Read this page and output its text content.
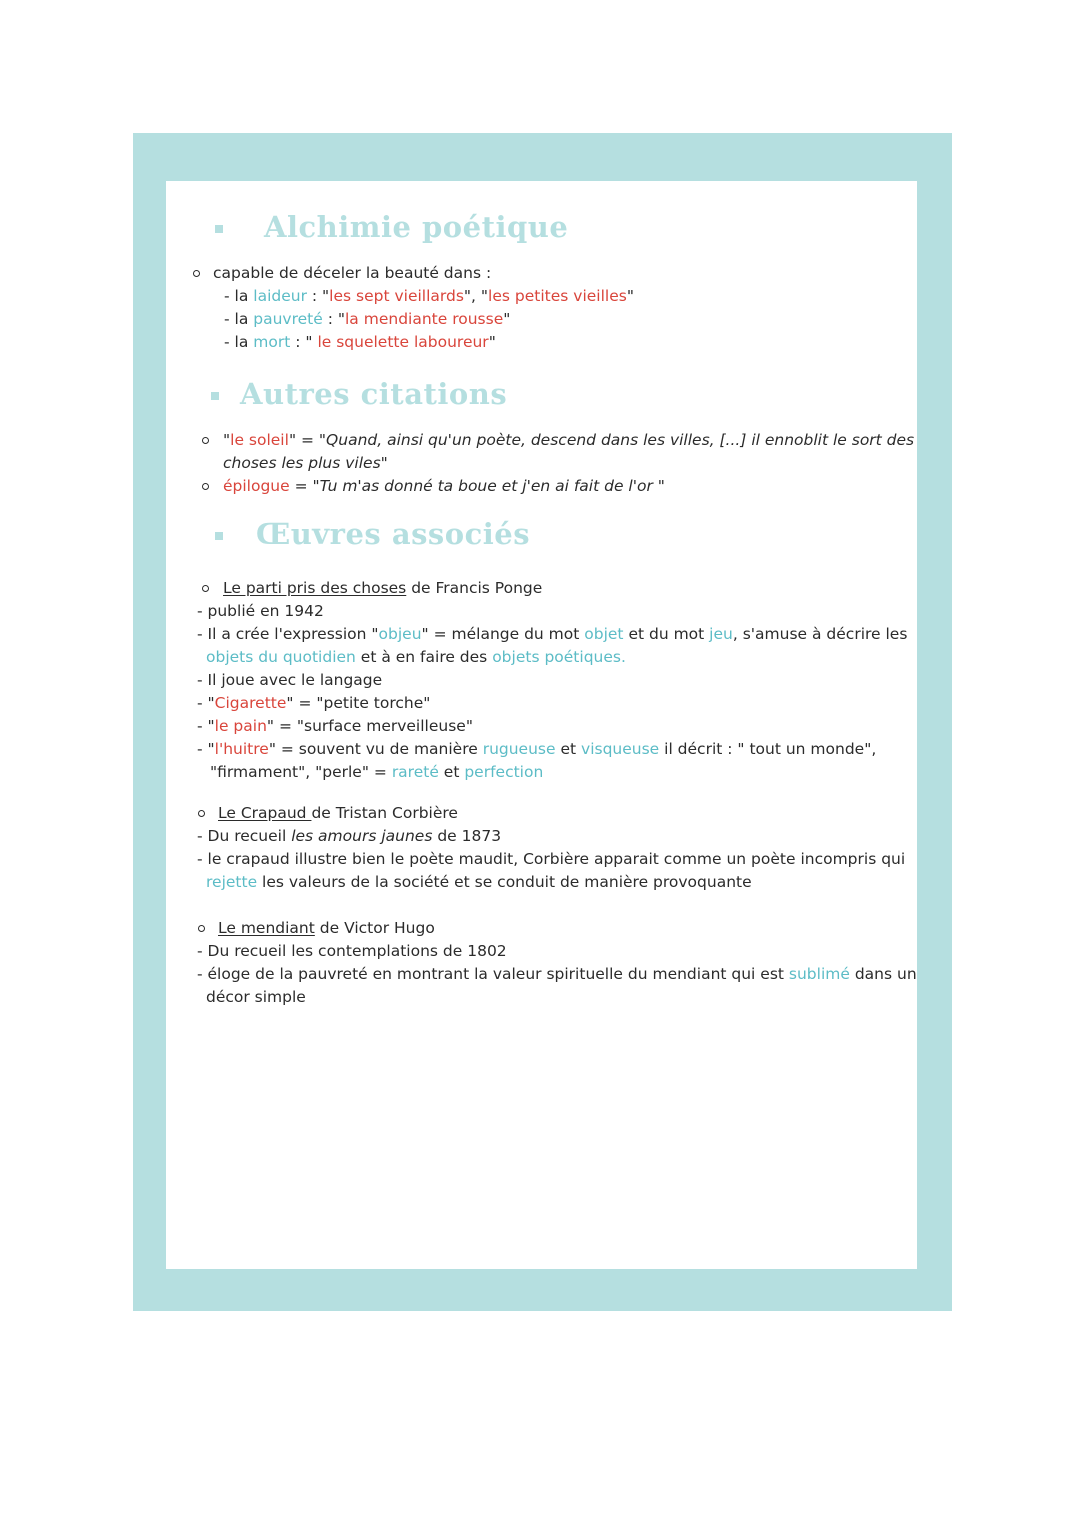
Alchimie poétique
capable de déceler la beauté dans :
- la laideur : "les sept vieillards", "les petites vieilles"
- la pauvreté : "la mendiante rousse"
- la mort : " le squelette laboureur"
Autres citations
"le soleil" = "Quand, ainsi qu'un poète, descend dans les villes, [...] il ennoblit le sort des
choses les plus viles"
épilogue = "Tu m'as donné ta boue et j'en ai fait de l'or "
Œuvres associés
Le parti pris des choses de Francis Ponge
- publié en 1942
- Il a crée l'expression "objeu" = mélange du mot objet et du mot jeu, s'amuse à décrire les
objets du quotidien et à en faire des objets poétiques.
- Il joue avec le langage
- "Cigarette" = "petite torche"
- "le pain" = "surface merveilleuse"
- "l'huitre" = souvent vu de manière rugueuse et visqueuse il décrit : " tout un monde",
"firmament", "perle" = rareté et perfection
Le Crapaud de Tristan Corbière
- Du recueil les amours jaunes de 1873
- le crapaud illustre bien le poète maudit, Corbière apparait comme un poète incompris qui
rejette les valeurs de la société et se conduit de manière provoquante
Le mendiant de Victor Hugo
- Du recueil les contemplations de 1802
- éloge de la pauvreté en montrant la valeur spirituelle du mendiant qui est sublimé dans un
décor simple
